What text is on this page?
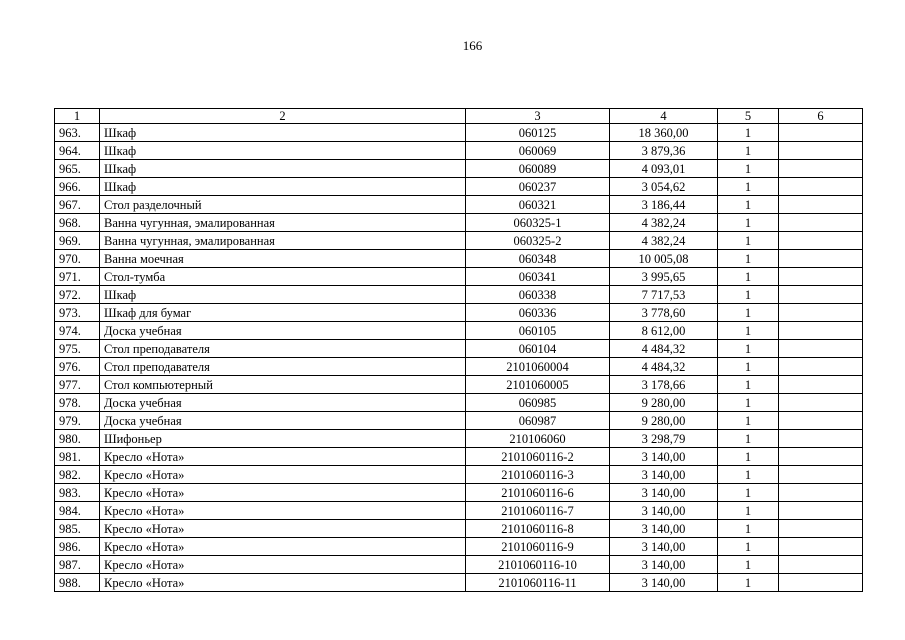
166
1	2	3	4	5	6
963.	Шкаф	060125	18 360,00	1	
964.	Шкаф	060069	3 879,36	1	
965.	Шкаф	060089	4 093,01	1	
966.	Шкаф	060237	3 054,62	1	
967.	Стол разделочный	060321	3 186,44	1	
968.	Ванна чугунная, эмалированная	060325-1	4 382,24	1	
969.	Ванна чугунная, эмалированная	060325-2	4 382,24	1	
970.	Ванна моечная	060348	10 005,08	1	
971.	Стол-тумба	060341	3 995,65	1	
972.	Шкаф	060338	7 717,53	1	
973.	Шкаф для бумаг	060336	3 778,60	1	
974.	Доска учебная	060105	8 612,00	1	
975.	Стол преподавателя	060104	4 484,32	1	
976.	Стол преподавателя	2101060004	4 484,32	1	
977.	Стол компьютерный	2101060005	3 178,66	1	
978.	Доска учебная	060985	9 280,00	1	
979.	Доска учебная	060987	9 280,00	1	
980.	Шифоньер	210106060	3 298,79	1	
981.	Кресло «Нота»	2101060116-2	3 140,00	1	
982.	Кресло «Нота»	2101060116-3	3 140,00	1	
983.	Кресло «Нота»	2101060116-6	3 140,00	1	
984.	Кресло «Нота»	2101060116-7	3 140,00	1	
985.	Кресло «Нота»	2101060116-8	3 140,00	1	
986.	Кресло «Нота»	2101060116-9	3 140,00	1	
987.	Кресло «Нота»	2101060116-10	3 140,00	1	
988.	Кресло «Нота»	2101060116-11	3 140,00	1	
